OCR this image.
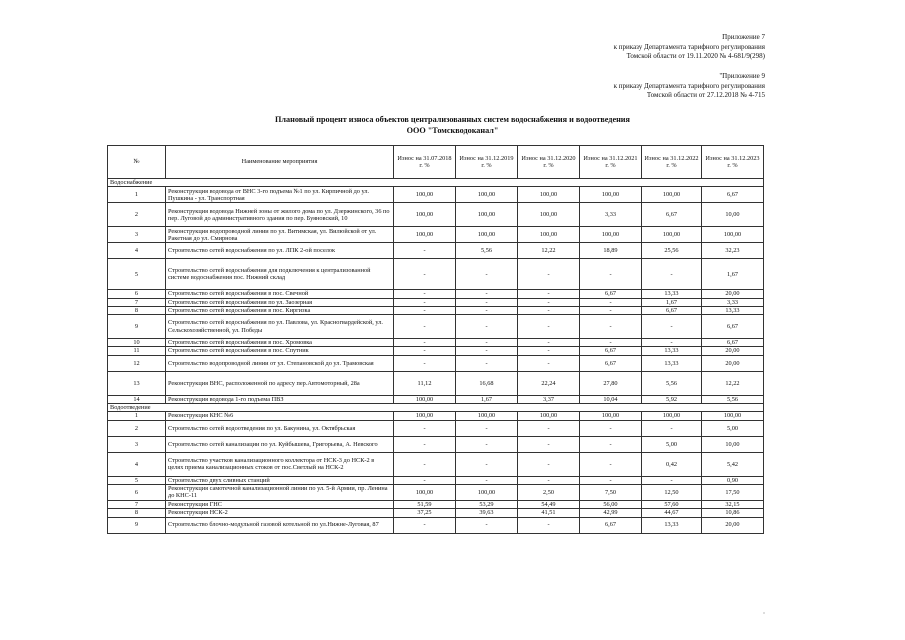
Приложение 7
к приказу Департамента тарифного регулирования
Томской области от 19.11.2020 № 4-681/9(298)
"Приложение 9
к приказу Департамента тарифного регулирования
Томской области от 27.12.2018 № 4-715
Плановый процент износа объектов централизованных систем водоснабжения и водоотведения
ООО "Томскводоканал"
№	Наименование мероприятия	Износ на 31.07.2018 г. %	Износ на 31.12.2019 г. %	Износ на 31.12.2020 г. %	Износ на 31.12.2021 г. %	Износ на 31.12.2022 г. %	Износ на 31.12.2023 г. %
Водоснабжение							
1	Реконструкция водовода от ВНС 3-го подъема №1 по ул. Кирпичной до ул. Пушкина - ул. Транспортная	100,00	100,00	100,00	100,00	100,00	6,67
2	Реконструкция водовода Нижней зоны от жилого дома по ул. Дзержинского, 36 по пер. Луговой до административного здания по пер. Буяновский, 10	100,00	100,00	100,00	3,33	6,67	10,00
3	Реконструкция водопроводной линии по ул. Витимская, ул. Вилюйской от ул. Ракетная до ул. Смирнова	100,00	100,00	100,00	100,00	100,00	100,00
4	Строительство сетей водоснабжения по ул. ЛПК 2-ой поселок	-	5,56	12,22	18,89	25,56	32,23
5	Строительство сетей водоснабжения для подключения к централизованной системе водоснабжения пос. Нижний склад	-	-	-	-	-	1,67
6	Строительство сетей водоснабжения в пос. Свечной	-	-	-	6,67	13,33	20,00
7	Строительство сетей водоснабжения по ул. Заозерная	-	-	-	-	1,67	3,33
8	Строительство сетей водоснабжения в пос. Киргизка	-	-	-	-	6,67	13,33
9	Строительство сетей водоснабжения по ул. Павлова, ул. Красногвардейской, ул. Сельскохозяйственной, ул. Победы	-	-	-	-	-	6,67
10	Строительство сетей водоснабжения в пос. Хромовка	-	-	-	-	-	6,67
11	Строительство сетей водоснабжения в пос. Спутник	-	-	-	6,67	13,33	20,00
12	Строительство водопроводной линии от ул. Степановской до ул. Трамовская	-	-	-	6,67	13,33	20,00
13	Реконструкция ВНС, расположенной по адресу пер.Автомоторный, 28а	11,12	16,68	22,24	27,80	5,56	12,22
14	Реконструкция водовода 1-го подъема ПВЗ	100,00	1,67	3,37	10,04	5,92	5,56
Водоотведение							
1	Реконструкция КНС №6	100,00	100,00	100,00	100,00	100,00	100,00
2	Строительство сетей водоотведения по ул. Бакунина, ул. Октябрьская	-	-	-	-	-	5,00
3	Строительство сетей канализации по ул. Куйбышева, Григорьева, А. Невского	-	-	-	-	5,00	10,00
4	Строительство участков канализационного коллектора от НСК-3 до НСК-2 в целях приема канализационных стоков от пос.Светлый на НСК-2	-	-	-	-	0,42	5,42
5	Строительство двух сливных станций	-	-	-	-	-	0,90
6	Реконструкция самотечной канализационной линии по ул. 5-й Армии, пр. Ленина до КНС-11	100,00	100,00	2,50	7,50	12,50	17,50
7	Реконструкция ГНС	51,59	53,29	54,49	56,00	57,60	32,15
8	Реконструкция НСК-2	37,25	39,63	41,51	42,99	44,67	10,86
9	Строительство блочно-модульной газовой котельной по ул.Нижне-Луговая, 87	-	-	-	6,67	13,33	20,00
"
